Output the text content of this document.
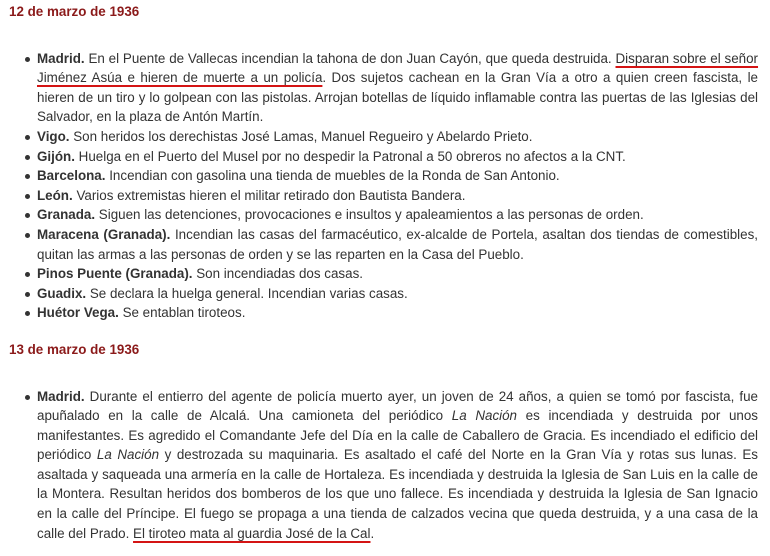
12 de marzo de 1936
Madrid. En el Puente de Vallecas incendian la tahona de don Juan Cayón, que queda destruida. Disparan sobre el señor Jiménez Asúa e hieren de muerte a un policía. Dos sujetos cachean en la Gran Vía a otro a quien creen fascista, le hieren de un tiro y lo golpean con las pistolas. Arrojan botellas de líquido inflamable contra las puertas de las Iglesias del Salvador, en la plaza de Antón Martín.
Vigo. Son heridos los derechistas José Lamas, Manuel Regueiro y Abelardo Prieto.
Gijón. Huelga en el Puerto del Musel por no despedir la Patronal a 50 obreros no afectos a la CNT.
Barcelona. Incendian con gasolina una tienda de muebles de la Ronda de San Antonio.
León. Varios extremistas hieren el militar retirado don Bautista Bandera.
Granada. Siguen las detenciones, provocaciones e insultos y apaleamientos a las personas de orden.
Maracena (Granada). Incendian las casas del farmacéutico, ex-alcalde de Portela, asaltan dos tiendas de comestibles, quitan las armas a las personas de orden y se las reparten en la Casa del Pueblo.
Pinos Puente (Granada). Son incendiadas dos casas.
Guadix. Se declara la huelga general. Incendian varias casas.
Huétor Vega. Se entablan tiroteos.
13 de marzo de 1936
Madrid. Durante el entierro del agente de policía muerto ayer, un joven de 24 años, a quien se tomó por fascista, fue apuñalado en la calle de Alcalá. Una camioneta del periódico La Nación es incendiada y destruida por unos manifestantes. Es agredido el Comandante Jefe del Día en la calle de Caballero de Gracia. Es incendiado el edificio del periódico La Nación y destrozada su maquinaria. Es asaltado el café del Norte en la Gran Vía y rotas sus lunas. Es asaltada y saqueada una armería en la calle de Hortaleza. Es incendiada y destruida la Iglesia de San Luis en la calle de la Montera. Resultan heridos dos bomberos de los que uno fallece. Es incendiada y destruida la Iglesia de San Ignacio en la calle del Príncipe. El fuego se propaga a una tienda de calzados vecina que queda destruida, y a una casa de la calle del Prado. El tiroteo mata al guardia José de la Cal.
